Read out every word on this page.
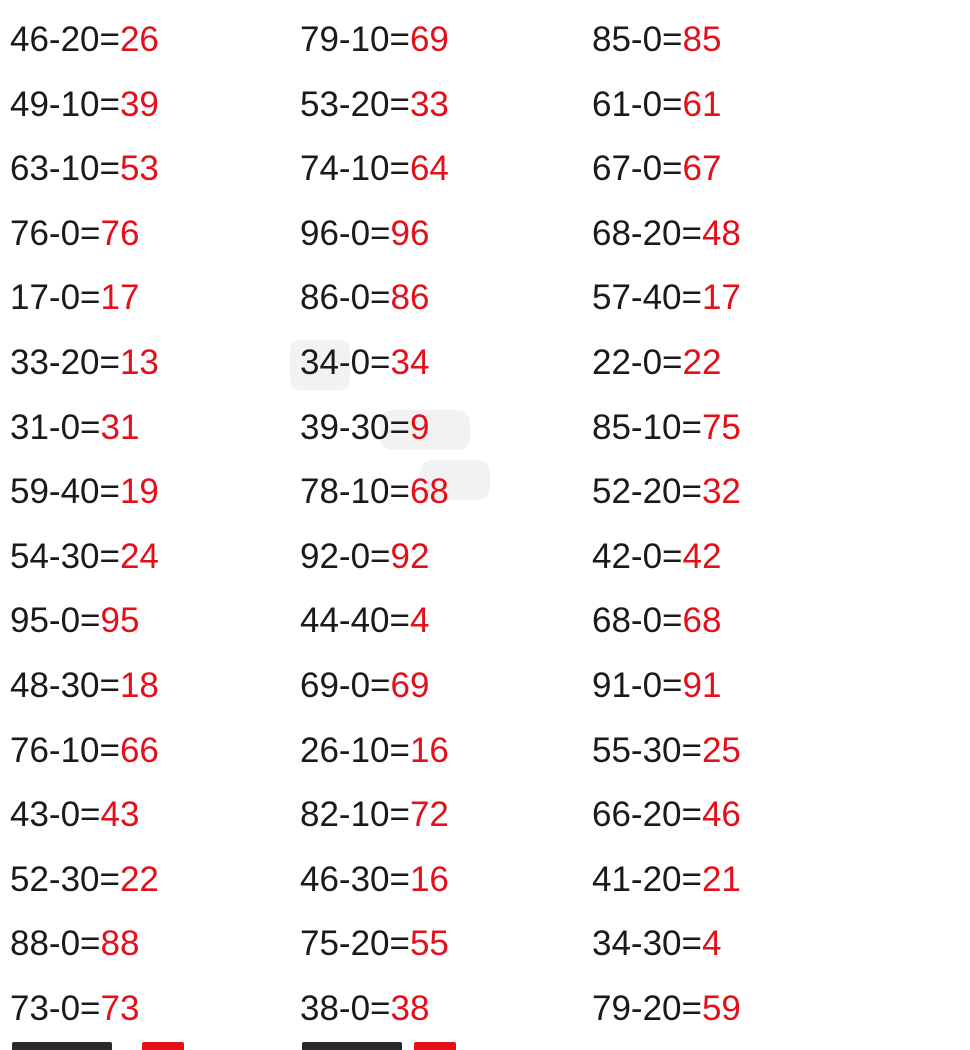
46-20=26
49-10=39
63-10=53
76-0=76
17-0=17
33-20=13
31-0=31
59-40=19
54-30=24
95-0=95
48-30=18
76-10=66
43-0=43
52-30=22
88-0=88
73-0=73
79-10=69
53-20=33
74-10=64
96-0=96
86-0=86
34-0=34
39-30=9
78-10=68
92-0=92
44-40=4
69-0=69
26-10=16
82-10=72
46-30=16
75-20=55
38-0=38
85-0=85
61-0=61
67-0=67
68-20=48
57-40=17
22-0=22
85-10=75
52-20=32
42-0=42
68-0=68
91-0=91
55-30=25
66-20=46
41-20=21
34-30=4
79-20=59
